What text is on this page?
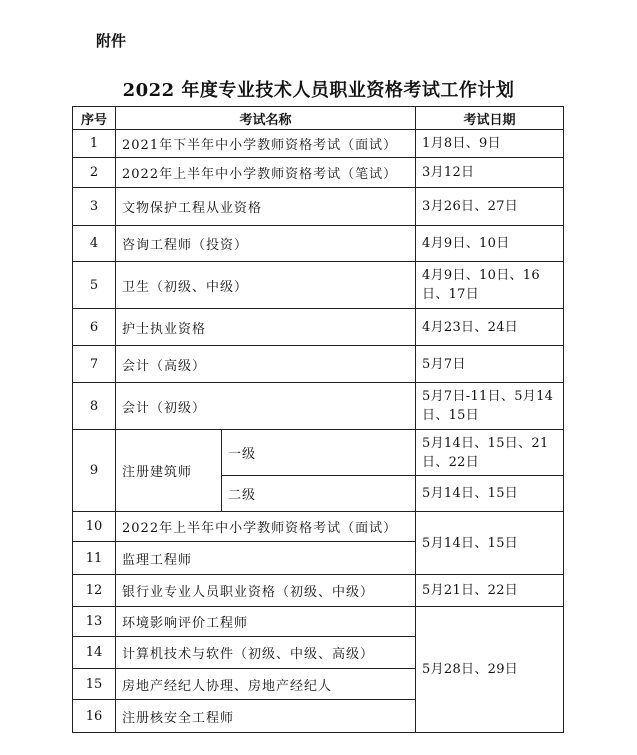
附件
2022 年度专业技术人员职业资格考试工作计划
序号	考试名称		考试日期
1	2021年下半年中小学教师资格考试（面试）		1月8日、9日
2	2022年上半年中小学教师资格考试（笔试）		3月12日
3	文物保护工程从业资格		3月26日、27日
4	咨询工程师（投资）		4月9日、10日
5	卫生（初级、中级）		4月9日、10日、16日、17日
6	护士执业资格		4月23日、24日
7	会计（高级）		5月7日
8	会计（初级）		5月7日-11日、5月14日、15日
9	注册建筑师	一级	5月14日、15日、21日、22日
		二级	5月14日、15日
10	2022年上半年中小学教师资格考试（面试）		5月14日、15日
11	监理工程师		
12	银行业专业人员职业资格（初级、中级）		5月21日、22日
13	环境影响评价工程师		5月28日、29日
14	计算机技术与软件（初级、中级、高级）		
15	房地产经纪人协理、房地产经纪人		
16	注册核安全工程师		
